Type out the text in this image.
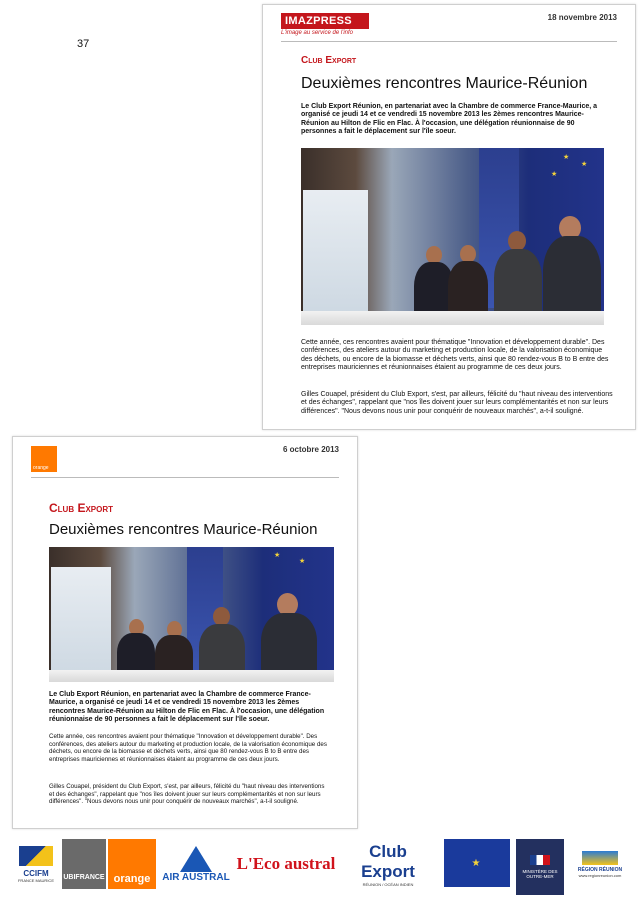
37
IMAZPRESS
L'image au service de l'info
18 novembre 2013
Club Export
Deuxièmes rencontres Maurice-Réunion
Le Club Export Réunion, en partenariat avec la Chambre de commerce France-Maurice, a organisé ce jeudi 14 et ce vendredi 15 novembre 2013 les 2èmes rencontres Maurice-Réunion au Hilton de Flic en Flac. À l'occasion, une délégation réunionnaise de 90 personnes a fait le déplacement sur l'île soeur.
★
★
★
Cette année, ces rencontres avaient pour thématique "Innovation et développement durable". Des conférences, des ateliers autour du marketing et production locale, de la valorisation économique des déchets, ou encore de la biomasse et déchets verts, ainsi que 80 rendez-vous B to B entre des entreprises mauriciennes et réunionnaises étaient au programme de ces deux jours.
Gilles Couapel, président du Club Export, s'est, par ailleurs, félicité du "haut niveau des interventions et des échanges", rappelant que "nos îles doivent jouer sur leurs complémentarités et non sur leurs différences". "Nous devons nous unir pour conquérir de nouveaux marchés", a-t-il souligné.
orange
6 octobre 2013
Club Export
Deuxièmes rencontres Maurice-Réunion
★
★
Le Club Export Réunion, en partenariat avec la Chambre de commerce France-Maurice, a organisé ce jeudi 14 et ce vendredi 15 novembre 2013 les 2èmes rencontres Maurice-Réunion au Hilton de Flic en Flac. À l'occasion, une délégation réunionnaise de 90 personnes a fait le déplacement sur l'île soeur.
Cette année, ces rencontres avaient pour thématique "Innovation et développement durable". Des conférences, des ateliers autour du marketing et production locale, de la valorisation économique des déchets, ou encore de la biomasse et déchets verts, ainsi que 80 rendez-vous B to B entre des entreprises mauriciennes et réunionnaises étaient au programme de ces deux jours.
Gilles Couapel, président du Club Export, s'est, par ailleurs, félicité du "haut niveau des interventions et des échanges", rappelant que "nos îles doivent jouer sur leurs complémentarités et non sur leurs différences". "Nous devons nous unir pour conquérir de nouveaux marchés", a-t-il souligné.
CCIFM
FRANCE MAURICE UBIFRANCE orange AIR AUSTRAL
L'Eco austral
Club Export
RÉUNION / OCÉAN INDIEN
★
MINISTÈRE DES OUTRE-MER
RÉGION RÉUNION
www.regionreunion.com
